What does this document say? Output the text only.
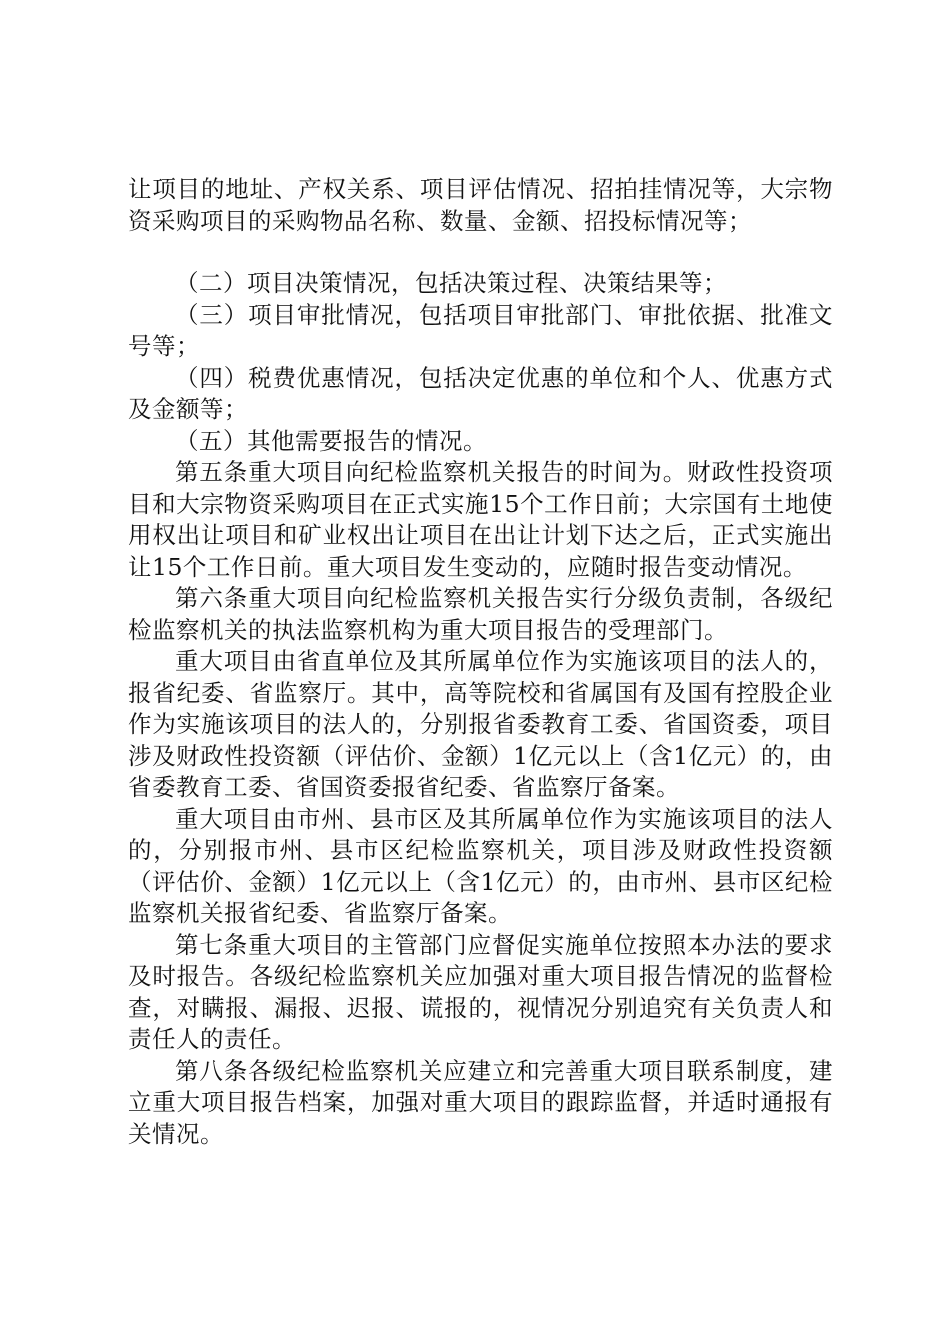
让项目的地址、产权关系、项目评估情况、招拍挂情况等，大宗物资采购项目的采购物品名称、数量、金额、招投标情况等；

（二）项目决策情况，包括决策过程、决策结果等；

（三）项目审批情况，包括项目审批部门、审批依据、批准文号等；

（四）税费优惠情况，包括决定优惠的单位和个人、优惠方式及金额等；

（五）其他需要报告的情况。

第五条重大项目向纪检监察机关报告的时间为。财政性投资项目和大宗物资采购项目在正式实施15个工作日前；大宗国有土地使用权出让项目和矿业权出让项目在出让计划下达之后，正式实施出让15个工作日前。重大项目发生变动的，应随时报告变动情况。

第六条重大项目向纪检监察机关报告实行分级负责制，各级纪检监察机关的执法监察机构为重大项目报告的受理部门。

重大项目由省直单位及其所属单位作为实施该项目的法人的，报省纪委、省监察厅。其中，高等院校和省属国有及国有控股企业作为实施该项目的法人的，分别报省委教育工委、省国资委，项目涉及财政性投资额（评估价、金额）1亿元以上（含1亿元）的，由省委教育工委、省国资委报省纪委、省监察厅备案。

重大项目由市州、县市区及其所属单位作为实施该项目的法人的，分别报市州、县市区纪检监察机关，项目涉及财政性投资额（评估价、金额）1亿元以上（含1亿元）的，由市州、县市区纪检监察机关报省纪委、省监察厅备案。

第七条重大项目的主管部门应督促实施单位按照本办法的要求及时报告。各级纪检监察机关应加强对重大项目报告情况的监督检查，对瞒报、漏报、迟报、谎报的，视情况分别追究有关负责人和责任人的责任。

第八条各级纪检监察机关应建立和完善重大项目联系制度，建立重大项目报告档案，加强对重大项目的跟踪监督，并适时通报有关情况。
